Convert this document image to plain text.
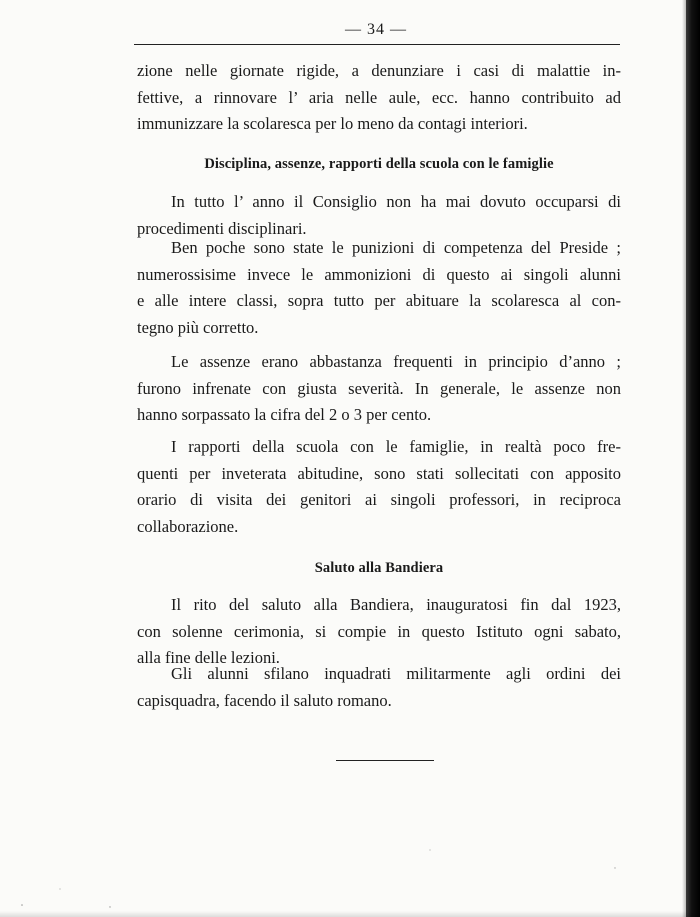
— 34 —
zione nelle giornate rigide, a denunziare i casi di malattie in-
fettive, a rinnovare l’ aria nelle aule, ecc. hanno contribuito ad
immunizzare la scolaresca per lo meno da contagi interiori.
Disciplina, assenze, rapporti della scuola con le famiglie
In tutto l’ anno il Consiglio non ha mai dovuto occuparsi di
procedimenti disciplinari.
Ben poche sono state le punizioni di competenza del Preside ;
numerossisime invece le ammonizioni di questo ai singoli alunni
e alle intere classi, sopra tutto per abituare la scolaresca al con-
tegno più corretto.
Le assenze erano abbastanza frequenti in principio d’anno ;
furono infrenate con giusta severità. In generale, le assenze non
hanno sorpassato la cifra del 2 o 3 per cento.
I rapporti della scuola con le famiglie, in realtà poco fre-
quenti per inveterata abitudine, sono stati sollecitati con apposito
orario di visita dei genitori ai singoli professori, in reciproca
collaborazione.
Saluto alla Bandiera
Il rito del saluto alla Bandiera, inauguratosi fin dal 1923,
con solenne cerimonia, si compie in questo Istituto ogni sabato,
alla fine delle lezioni.
Gli alunni sfilano inquadrati militarmente agli ordini dei
capisquadra, facendo il saluto romano.
